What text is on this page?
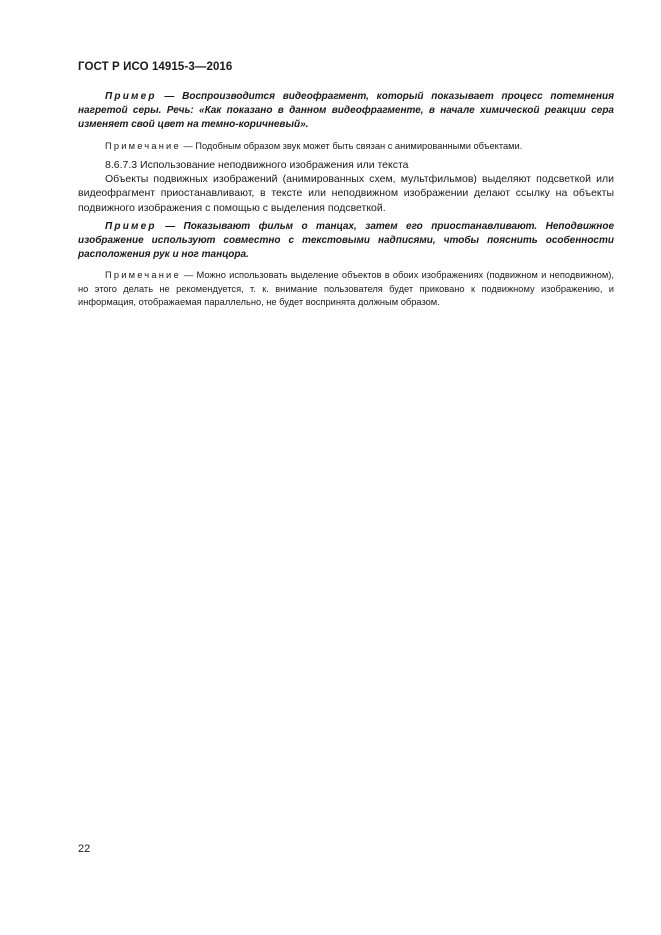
ГОСТ Р ИСО 14915-3—2016

Пример — Воспроизводится видеофрагмент, который показывает процесс потемнения нагретой серы. Речь: «Как показано в данном видеофрагменте, в начале химической реакции сера изменяет свой цвет на темно-коричневый».

Примечание — Подобным образом звук может быть связан с анимированными объектами.

8.6.7.3 Использование неподвижного изображения или текста

Объекты подвижных изображений (анимированных схем, мультфильмов) выделяют подсветкой или видеофрагмент приостанавливают, в тексте или неподвижном изображении делают ссылку на объекты подвижного изображения с помощью с выделения подсветкой.

Пример — Показывают фильм о танцах, затем его приостанавливают. Неподвижное изображение используют совместно с текстовыми надписями, чтобы пояснить особенности расположения рук и ног танцора.

Примечание — Можно использовать выделение объектов в обоих изображениях (подвижном и неподвижном), но этого делать не рекомендуется, т. к. внимание пользователя будет приковано к подвижному изображению, и информация, отображаемая параллельно, не будет воспринята должным образом.

22
